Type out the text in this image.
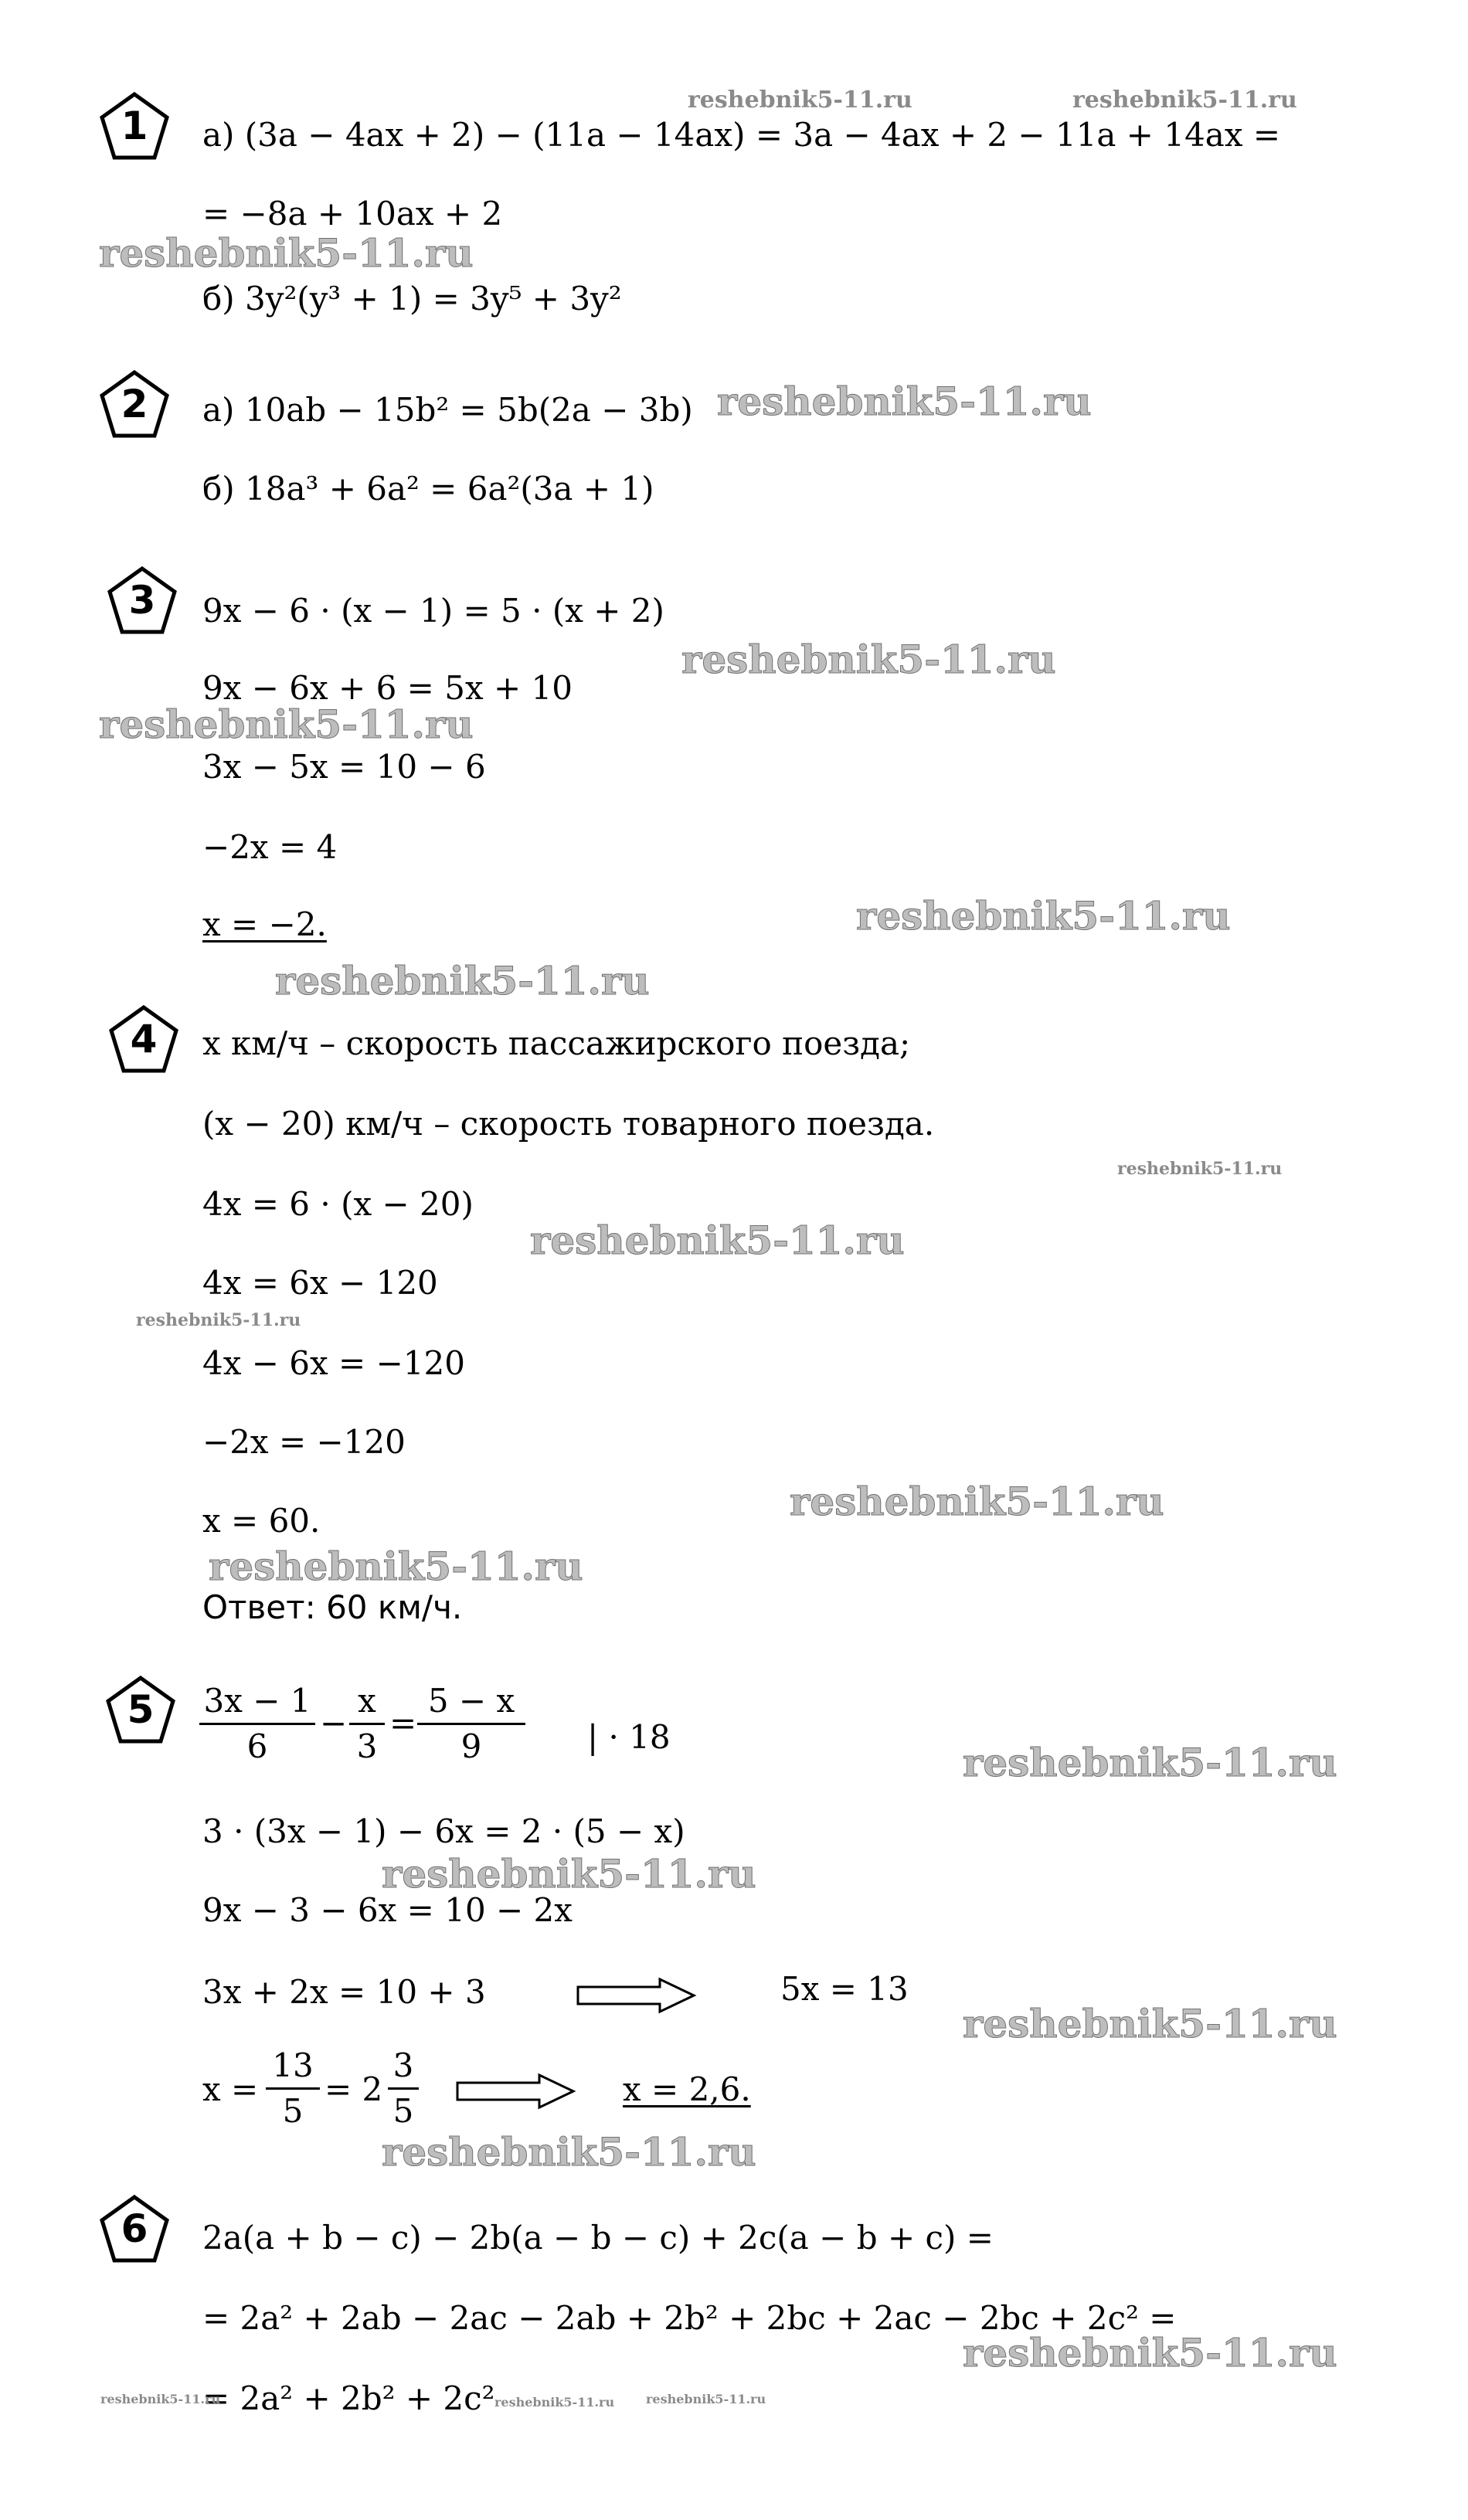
1	а) (3a − 4ax + 2) − (11a − 14ax) = 3a − 4ax + 2 − 11a + 14ax =
= −8a + 10ax + 2
б) 3y²(y³ + 1) = 3y⁵ + 3y²
2	а) 10ab − 15b² = 5b(2a − 3b)
б) 18a³ + 6a² = 6a²(3a + 1)
3	9x − 6 · (x − 1) = 5 · (x + 2)
9x − 6x + 6 = 5x + 10
3x − 5x = 10 − 6
−2x = 4
x = −2.
4	x км/ч – скорость пассажирского поезда;
(x − 20) км/ч – скорость товарного поезда.
4x = 6 · (x − 20)
4x = 6x − 120
4x − 6x = −120
−2x = −120
x = 60.
Ответ: 60 км/ч.
5	3x − 1
6
−
x
3
=
5 − x
9	| · 18
3 · (3x − 1) − 6x = 2 · (5 − x)
9x − 3 − 6x = 10 − 2x
3x + 2x = 10 + 3	5x = 13
x =
13
5
= 2
3
5
x = 2,6.
6	2a(a + b − c) − 2b(a − b − c) + 2c(a − b + c) =
= 2a² + 2ab − 2ac − 2ab + 2b² + 2bc + 2ac − 2bc + 2c² =
= 2a² + 2b² + 2c²
reshebnik5-11.ru	reshebnik5-11.ru
reshebnik5-11.ru
reshebnik5-11.ru
reshebnik5-11.ru
reshebnik5-11.ru
reshebnik5-11.ru
reshebnik5-11.ru
reshebnik5-11.ru
reshebnik5-11.ru
reshebnik5-11.ru
reshebnik5-11.ru
reshebnik5-11.ru
reshebnik5-11.ru
reshebnik5-11.ru
reshebnik5-11.ru
reshebnik5-11.ru
reshebnik5-11.ru
reshebnik5-11.ru	reshebnik5-11.ru	reshebnik5-11.ru
